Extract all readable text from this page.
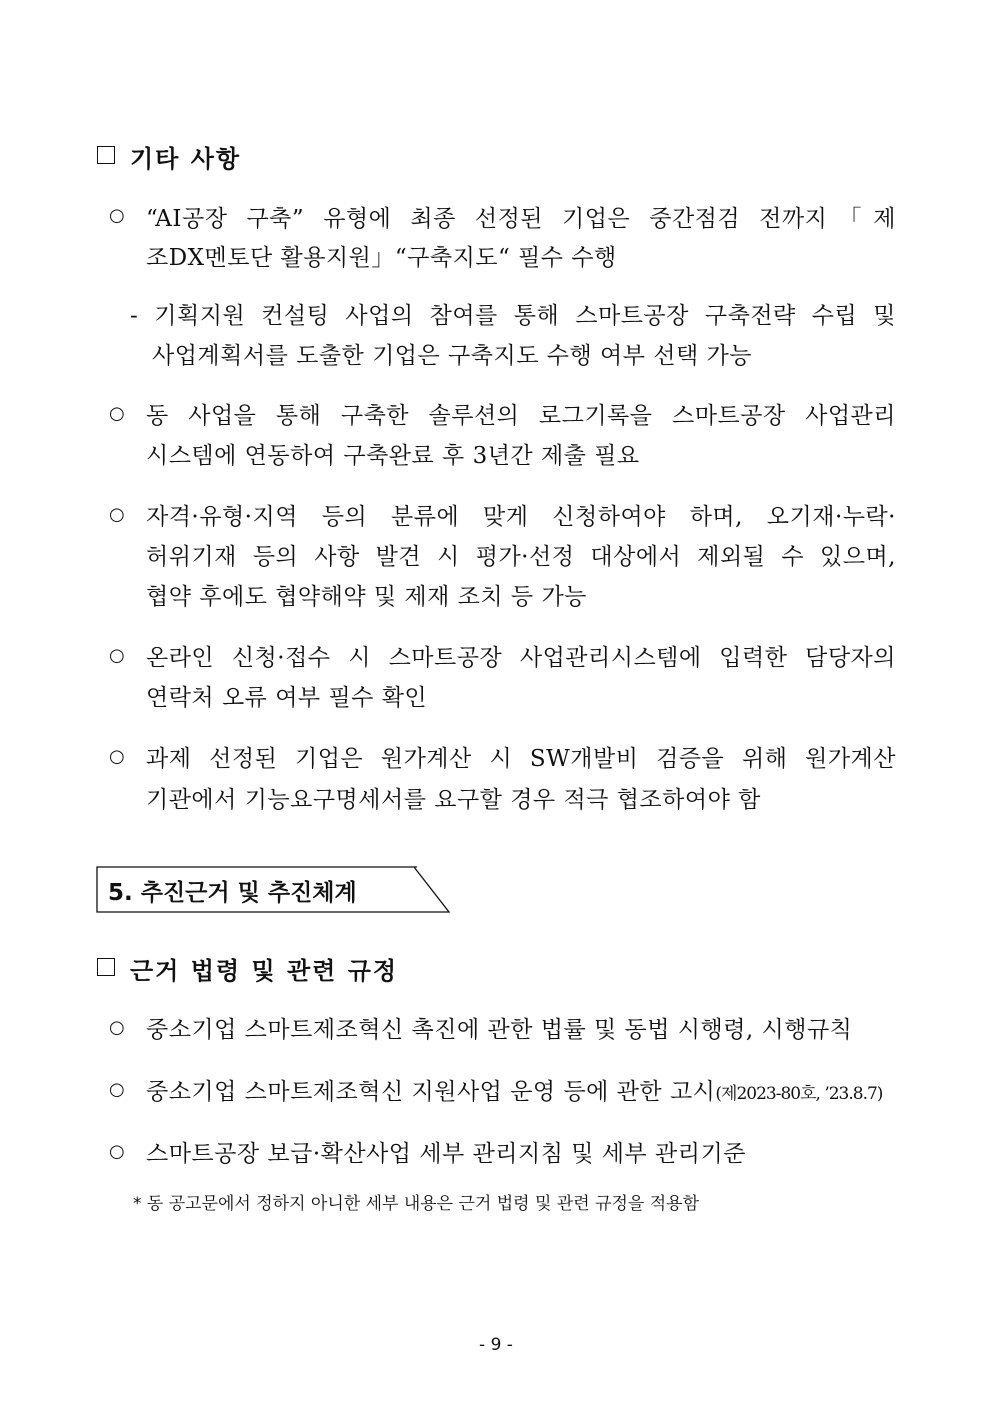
기타 사항
○ “AI공장 구축” 유형에 최종 선정된 기업은 중간점검 전까지「제
조DX멘토단 활용지원」“구축지도“ 필수 수행
- 기획지원 컨설팅 사업의 참여를 통해 스마트공장 구축전략 수립 및
사업계획서를 도출한 기업은 구축지도 수행 여부 선택 가능
○ 동 사업을 통해 구축한 솔루션의 로그기록을 스마트공장 사업관리
시스템에 연동하여 구축완료 후 3년간 제출 필요
○ 자격·유형·지역 등의 분류에 맞게 신청하여야 하며, 오기재·누락·
허위기재 등의 사항 발견 시 평가·선정 대상에서 제외될 수 있으며,
협약 후에도 협약해약 및 제재 조치 등 가능
○ 온라인 신청·접수 시 스마트공장 사업관리시스템에 입력한 담당자의
연락처 오류 여부 필수 확인
○ 과제 선정된 기업은 원가계산 시 SW개발비 검증을 위해 원가계산
기관에서 기능요구명세서를 요구할 경우 적극 협조하여야 함
5. 추진근거 및 추진체계
근거 법령 및 관련 규정
○ 중소기업 스마트제조혁신 촉진에 관한 법률 및 동법 시행령, 시행규칙
○ 중소기업 스마트제조혁신 지원사업 운영 등에 관한 고시(제2023-80호, ’23.8.7)
○ 스마트공장 보급·확산사업 세부 관리지침 및 세부 관리기준
* 동 공고문에서 정하지 아니한 세부 내용은 근거 법령 및 관련 규정을 적용함
- 9 -
